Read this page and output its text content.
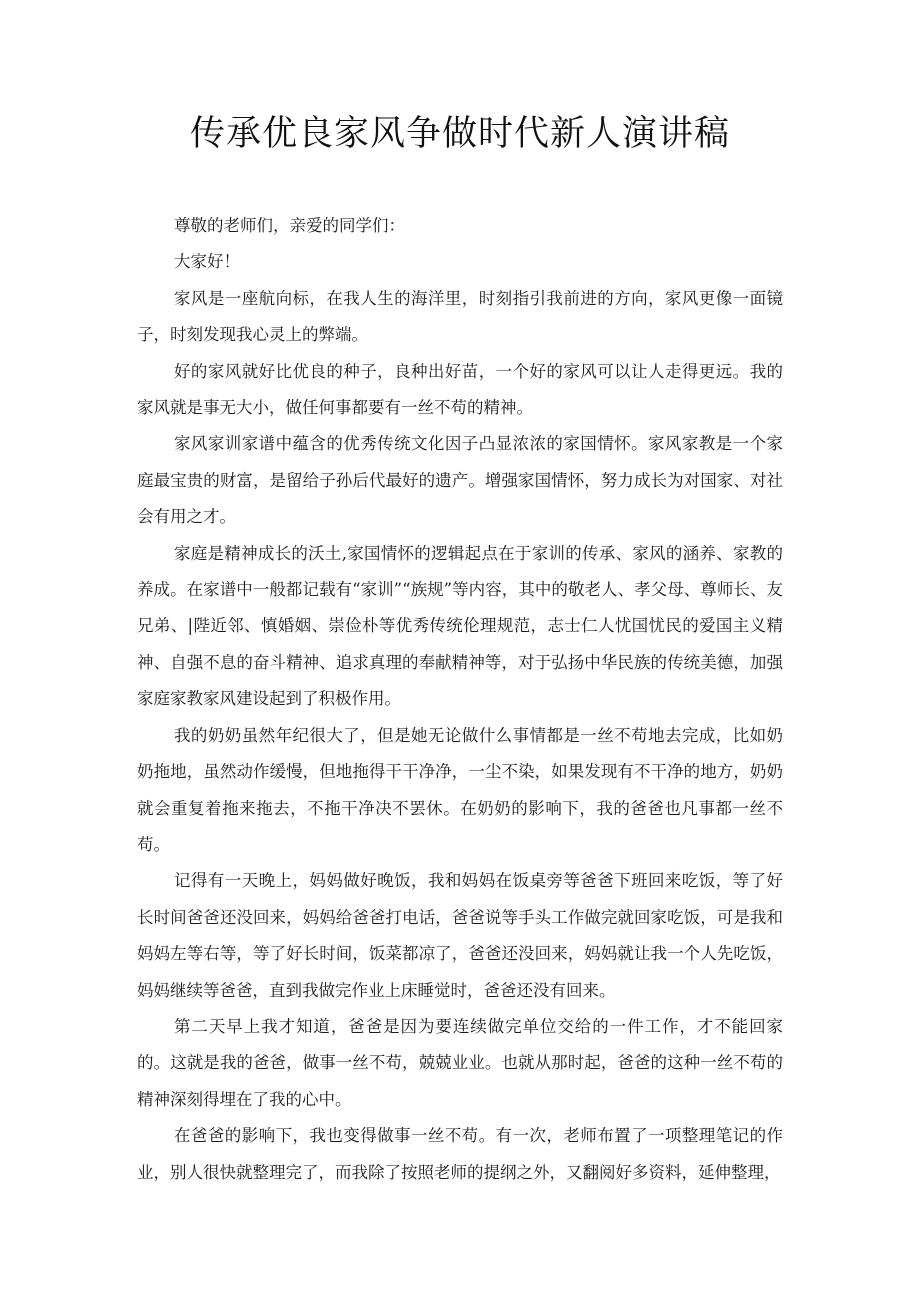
传承优良家风争做时代新人演讲稿

尊敬的老师们，亲爱的同学们：

大家好！

家风是一座航向标，在我人生的海洋里，时刻指引我前进的方向，家风更像一面镜子，时刻发现我心灵上的弊端。

好的家风就好比优良的种子，良种出好苗，一个好的家风可以让人走得更远。我的家风就是事无大小，做任何事都要有一丝不苟的精神。

家风家训家谱中蕴含的优秀传统文化因子凸显浓浓的家国情怀。家风家教是一个家庭最宝贵的财富，是留给子孙后代最好的遗产。增强家国情怀，努力成长为对国家、对社会有用之才。

家庭是精神成长的沃土,家国情怀的逻辑起点在于家训的传承、家风的涵养、家教的养成。在家谱中一般都记载有“家训”“族规”等内容，其中的敬老人、孝父母、尊师长、友兄弟、|陛近邻、慎婚姻、崇俭朴等优秀传统伦理规范，志士仁人忧国忧民的爱国主义精神、自强不息的奋斗精神、追求真理的奉献精神等，对于弘扬中华民族的传统美德，加强家庭家教家风建设起到了积极作用。

我的奶奶虽然年纪很大了，但是她无论做什么事情都是一丝不苟地去完成，比如奶奶拖地，虽然动作缓慢，但地拖得干干净净，一尘不染，如果发现有不干净的地方，奶奶就会重复着拖来拖去，不拖干净决不罢休。在奶奶的影响下，我的爸爸也凡事都一丝不苟。

记得有一天晚上，妈妈做好晚饭，我和妈妈在饭桌旁等爸爸下班回来吃饭，等了好长时间爸爸还没回来，妈妈给爸爸打电话，爸爸说等手头工作做完就回家吃饭，可是我和妈妈左等右等，等了好长时间，饭菜都凉了，爸爸还没回来，妈妈就让我一个人先吃饭，妈妈继续等爸爸，直到我做完作业上床睡觉时，爸爸还没有回来。

第二天早上我才知道，爸爸是因为要连续做完单位交给的一件工作，才不能回家的。这就是我的爸爸，做事一丝不苟，兢兢业业。也就从那时起，爸爸的这种一丝不苟的精神深刻得埋在了我的心中。

在爸爸的影响下，我也变得做事一丝不苟。有一次，老师布置了一项整理笔记的作业，别人很快就整理完了，而我除了按照老师的提纲之外，又翻阅好多资料，延伸整理，
